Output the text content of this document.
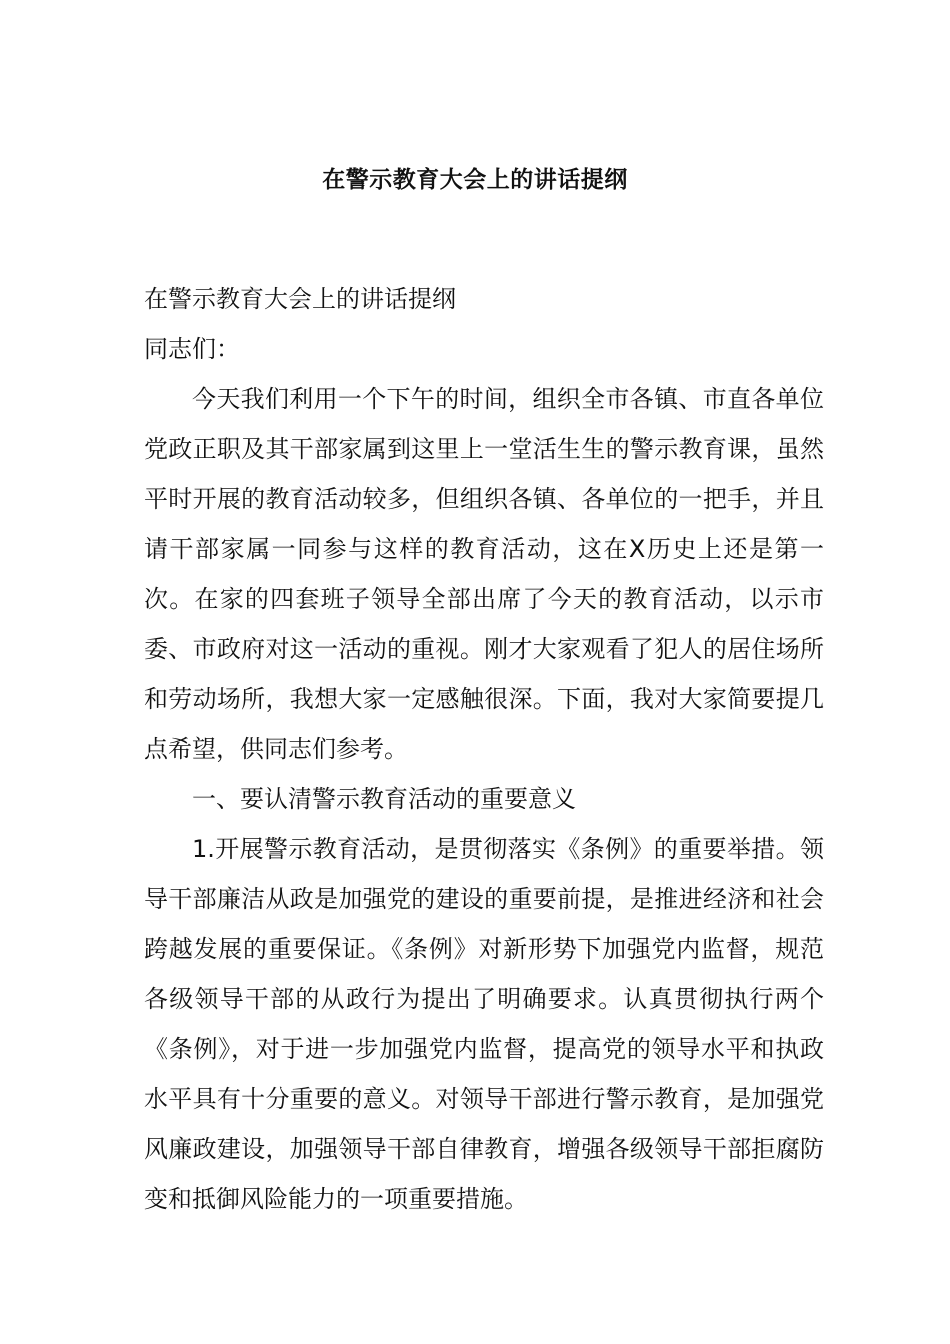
在警示教育大会上的讲话提纲

在警示教育大会上的讲话提纲

同志们：

今天我们利用一个下午的时间，组织全市各镇、市直各单位党政正职及其干部家属到这里上一堂活生生的警示教育课，虽然平时开展的教育活动较多，但组织各镇、各单位的一把手，并且请干部家属一同参与这样的教育活动，这在X历史上还是第一次。在家的四套班子领导全部出席了今天的教育活动，以示市委、市政府对这一活动的重视。刚才大家观看了犯人的居住场所和劳动场所，我想大家一定感触很深。下面，我对大家简要提几点希望，供同志们参考。

一、要认清警示教育活动的重要意义

1.开展警示教育活动，是贯彻落实《条例》的重要举措。领导干部廉洁从政是加强党的建设的重要前提，是推进经济和社会跨越发展的重要保证。《条例》对新形势下加强党内监督，规范各级领导干部的从政行为提出了明确要求。认真贯彻执行两个《条例》，对于进一步加强党内监督，提高党的领导水平和执政水平具有十分重要的意义。对领导干部进行警示教育，是加强党风廉政建设，加强领导干部自律教育，增强各级领导干部拒腐防变和抵御风险能力的一项重要措施。
